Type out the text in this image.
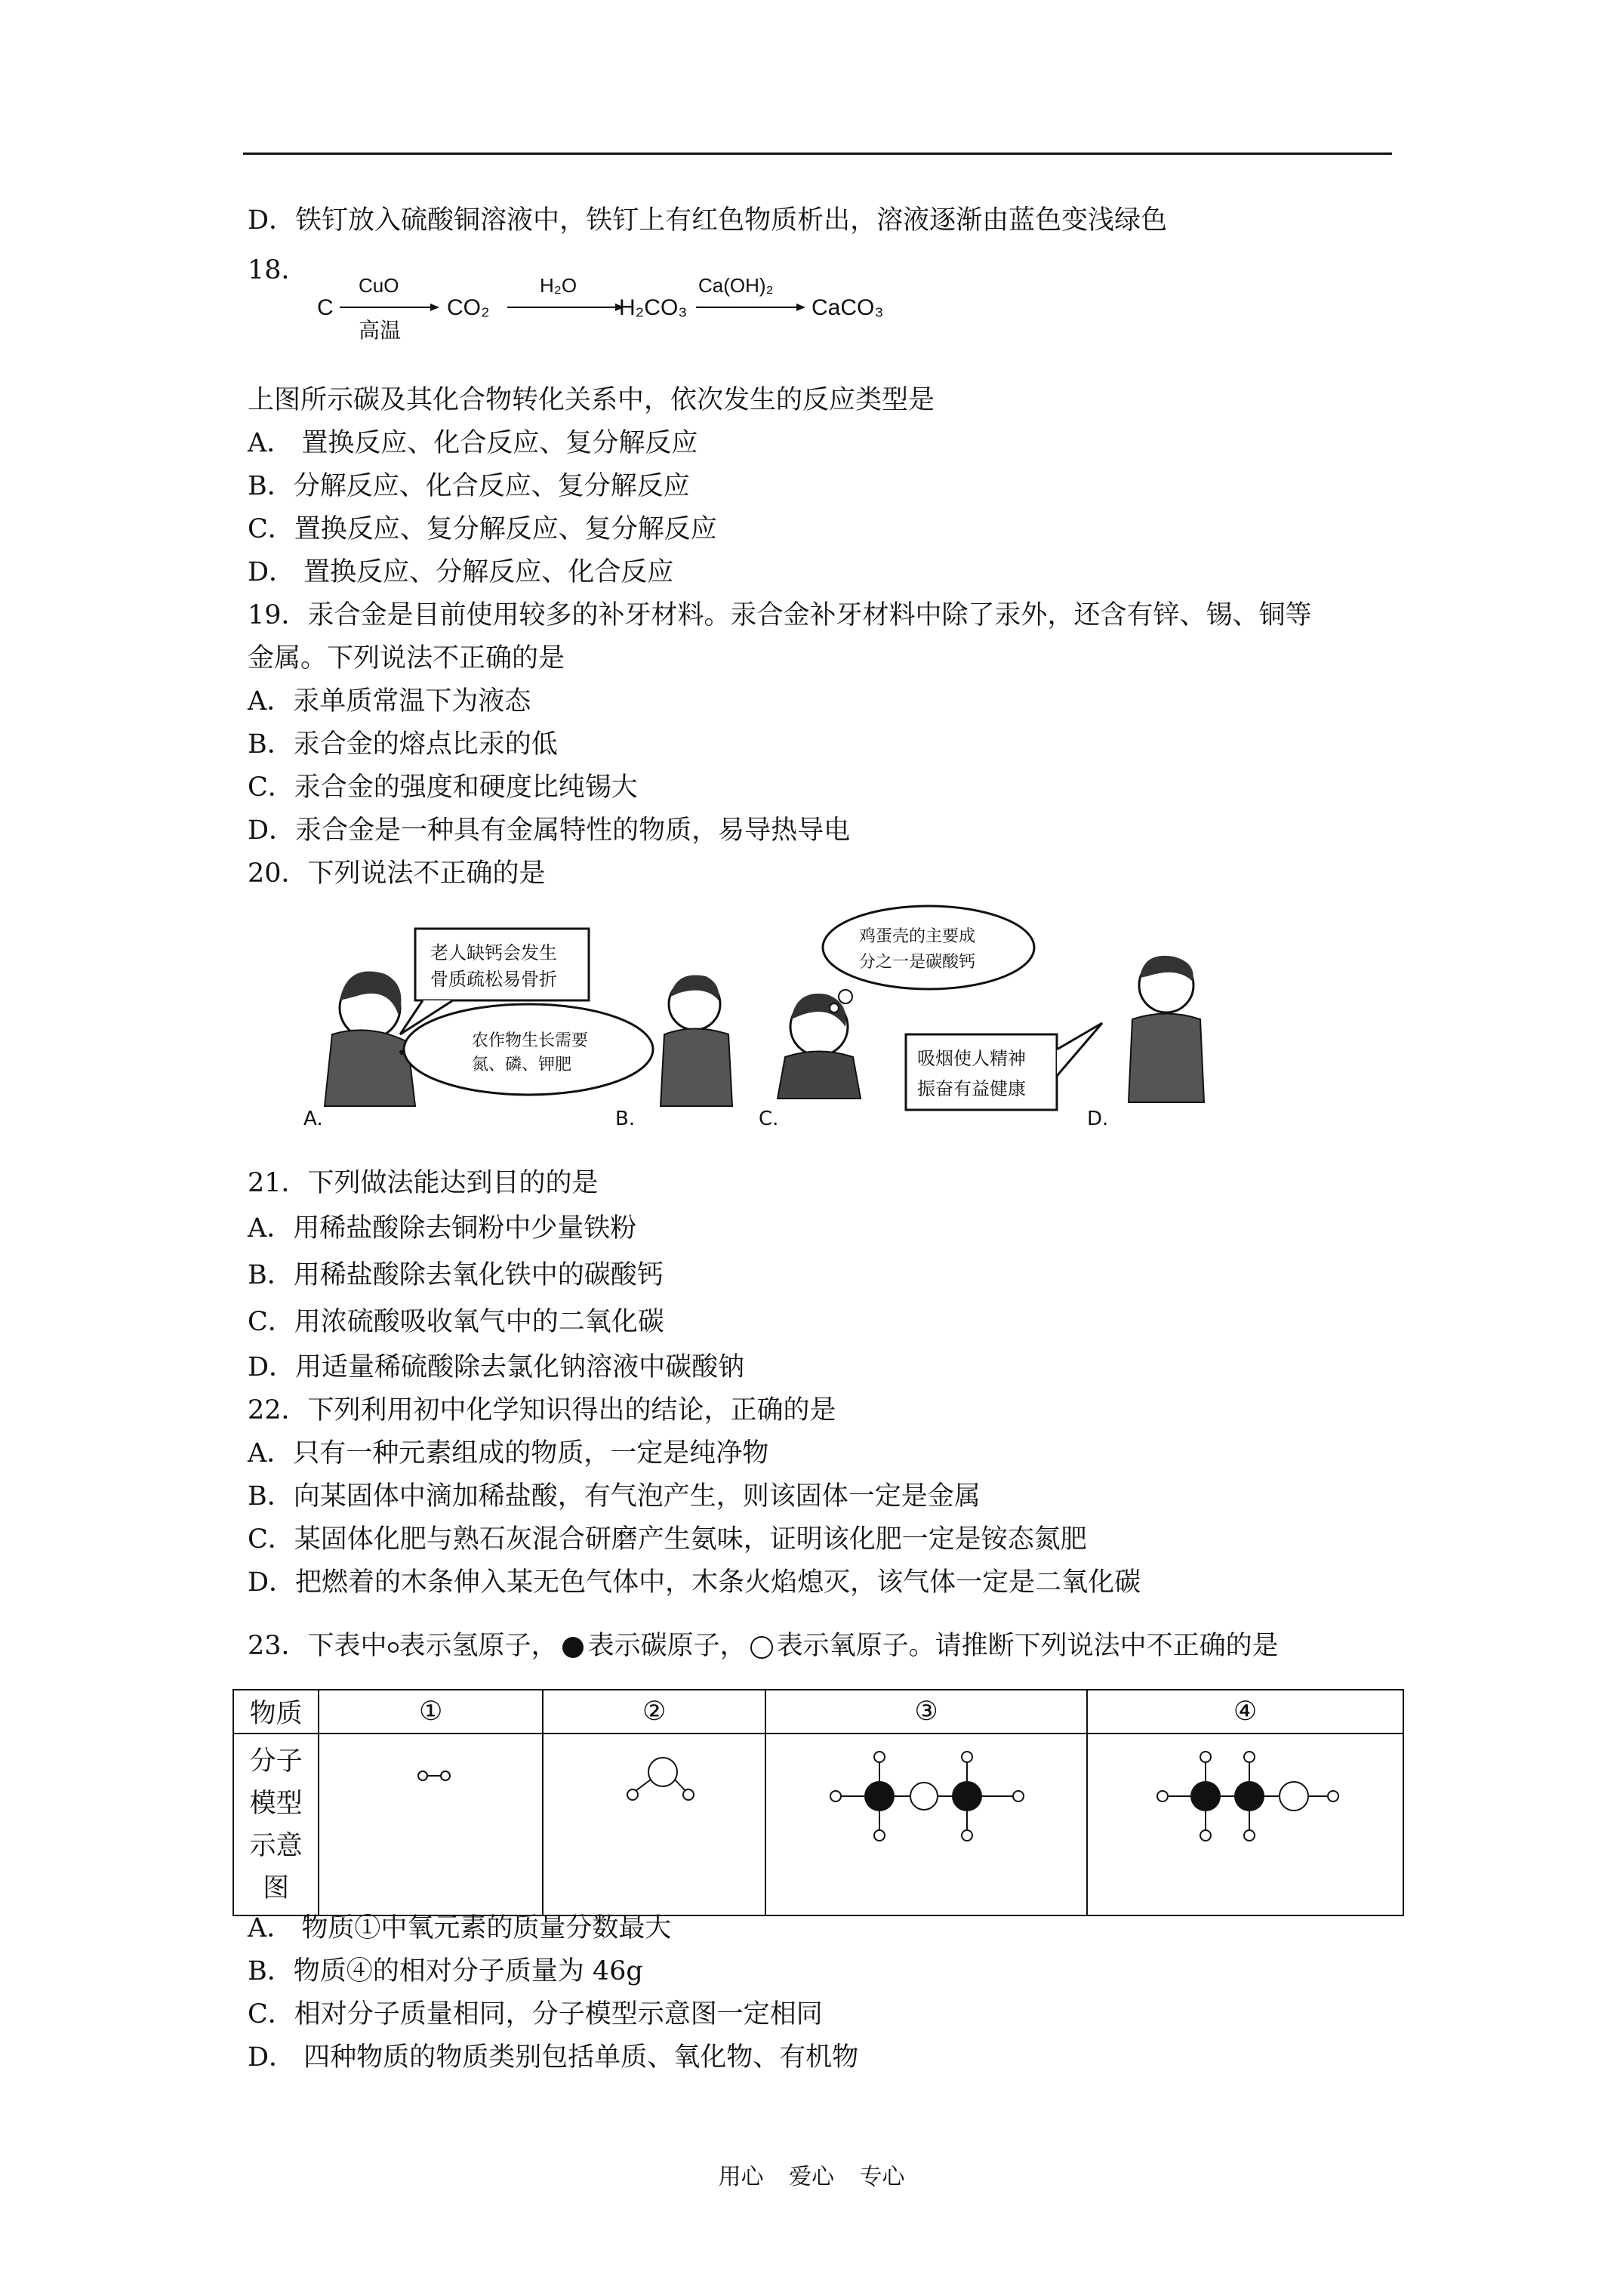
D．铁钉放入硫酸铜溶液中，铁钉上有红色物质析出，溶液逐渐由蓝色变浅绿色
18．
C
CuO
高温
CO₂
H₂O
H₂CO₃
Ca(OH)₂
CaCO₃
上图所示碳及其化合物转化关系中，依次发生的反应类型是
A． 置换反应、化合反应、复分解反应
B．分解反应、化合反应、复分解反应
C．置换反应、复分解反应、复分解反应
D． 置换反应、分解反应、化合反应
19．汞合金是目前使用较多的补牙材料。汞合金补牙材料中除了汞外，还含有锌、锡、铜等
金属。下列说法不正确的是
A．汞单质常温下为液态
B．汞合金的熔点比汞的低
C．汞合金的强度和硬度比纯锡大
D．汞合金是一种具有金属特性的物质，易导热导电
20．下列说法不正确的是
老人缺钙会发生
骨质疏松易骨折
农作物生长需要
氮、磷、钾肥
A.	B.
鸡蛋壳的主要成
分之一是碳酸钙
吸烟使人精神
振奋有益健康
C.	D.
21．下列做法能达到目的的是
A．用稀盐酸除去铜粉中少量铁粉
B．用稀盐酸除去氧化铁中的碳酸钙
C．用浓硫酸吸收氧气中的二氧化碳
D．用适量稀硫酸除去氯化钠溶液中碳酸钠
22．下列利用初中化学知识得出的结论，正确的是
A．只有一种元素组成的物质，一定是纯净物
B．向某固体中滴加稀盐酸，有气泡产生，则该固体一定是金属
C．某固体化肥与熟石灰混合研磨产生氨味，证明该化肥一定是铵态氮肥
D．把燃着的木条伸入某无色气体中，木条火焰熄灭，该气体一定是二氧化碳
23．下表中 表示氢原子， 表示碳原子， 表示氧原子。请推断下列说法中不正确的是
物质	①	②	③	④

分子
模型
示意
图

A． 物质①中氧元素的质量分数最大
B．物质④的相对分子质量为 46g
C．相对分子质量相同，分子模型示意图一定相同
D． 四种物质的物质类别包括单质、氧化物、有机物
用心 爱心 专心
